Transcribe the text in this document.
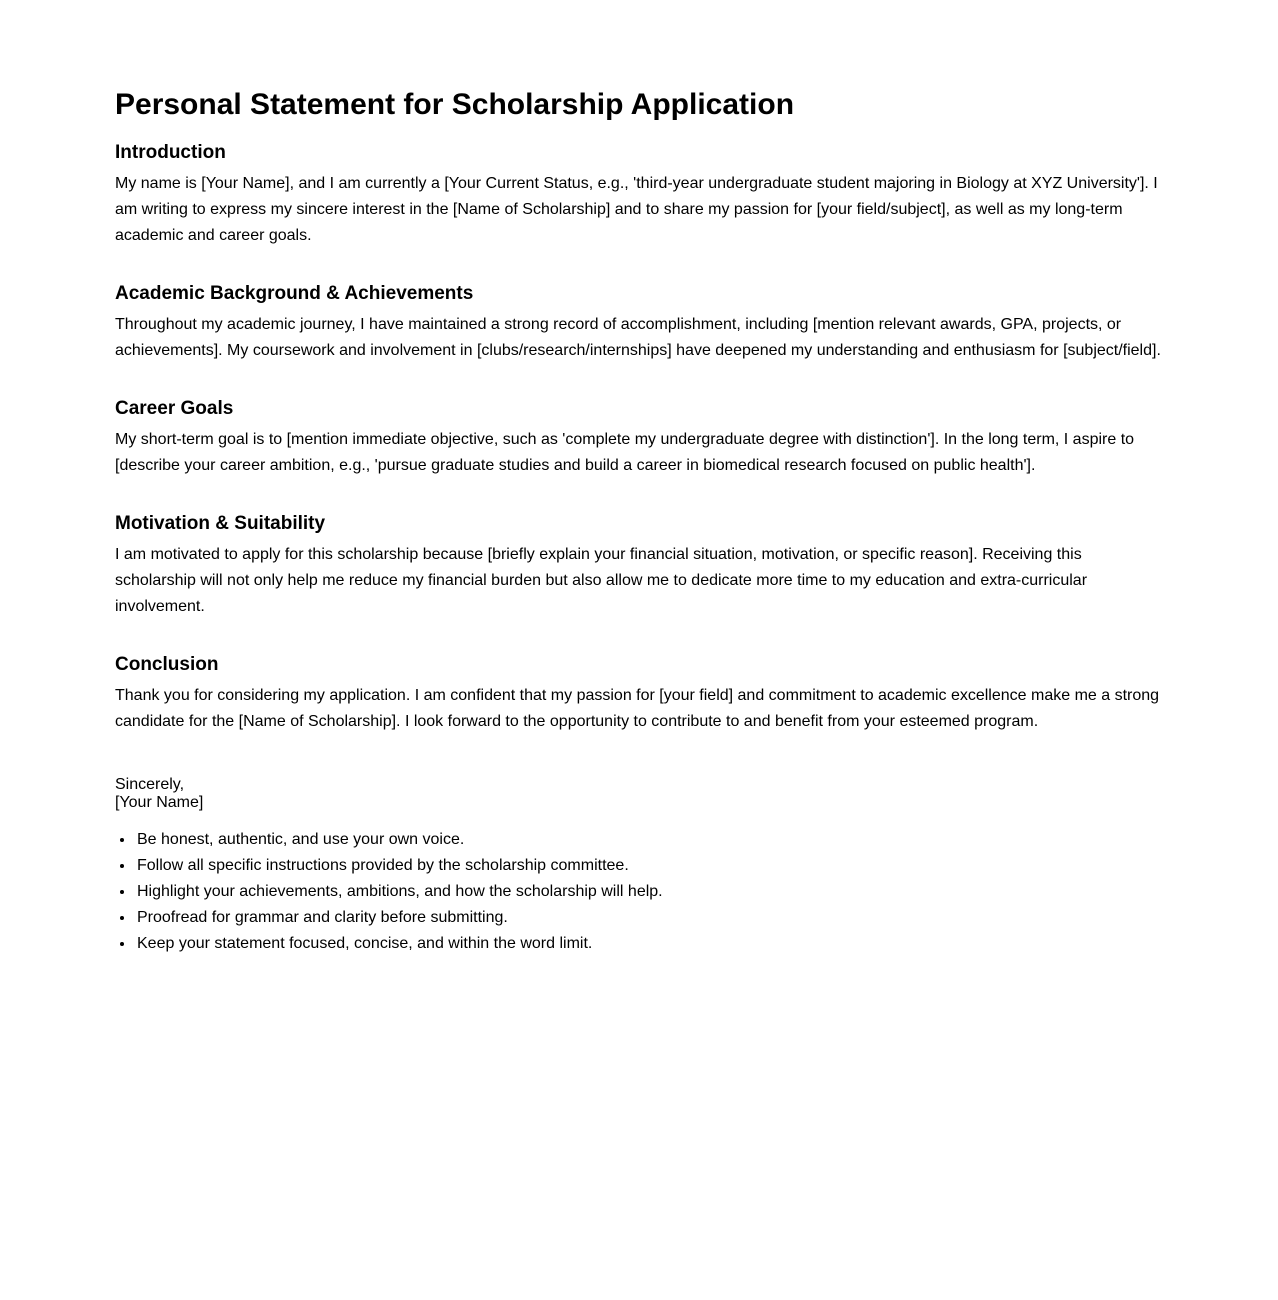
Personal Statement for Scholarship Application
Introduction

My name is [Your Name], and I am currently a [Your Current Status, e.g., 'third-year undergraduate student majoring in Biology at XYZ University']. I am writing to express my sincere interest in the [Name of Scholarship] and to share my passion for [your field/subject], as well as my long-term academic and career goals.

Academic Background & Achievements

Throughout my academic journey, I have maintained a strong record of accomplishment, including [mention relevant awards, GPA, projects, or achievements]. My coursework and involvement in [clubs/research/internships] have deepened my understanding and enthusiasm for [subject/field].

Career Goals

My short-term goal is to [mention immediate objective, such as 'complete my undergraduate degree with distinction']. In the long term, I aspire to [describe your career ambition, e.g., 'pursue graduate studies and build a career in biomedical research focused on public health'].

Motivation & Suitability

I am motivated to apply for this scholarship because [briefly explain your financial situation, motivation, or specific reason]. Receiving this scholarship will not only help me reduce my financial burden but also allow me to dedicate more time to my education and extra-curricular involvement.

Conclusion

Thank you for considering my application. I am confident that my passion for [your field] and commitment to academic excellence make me a strong candidate for the [Name of Scholarship]. I look forward to the opportunity to contribute to and benefit from your esteemed program.

Sincerely,
[Your Name]

• Be honest, authentic, and use your own voice.
• Follow all specific instructions provided by the scholarship committee.
• Highlight your achievements, ambitions, and how the scholarship will help.
• Proofread for grammar and clarity before submitting.
• Keep your statement focused, concise, and within the word limit.
